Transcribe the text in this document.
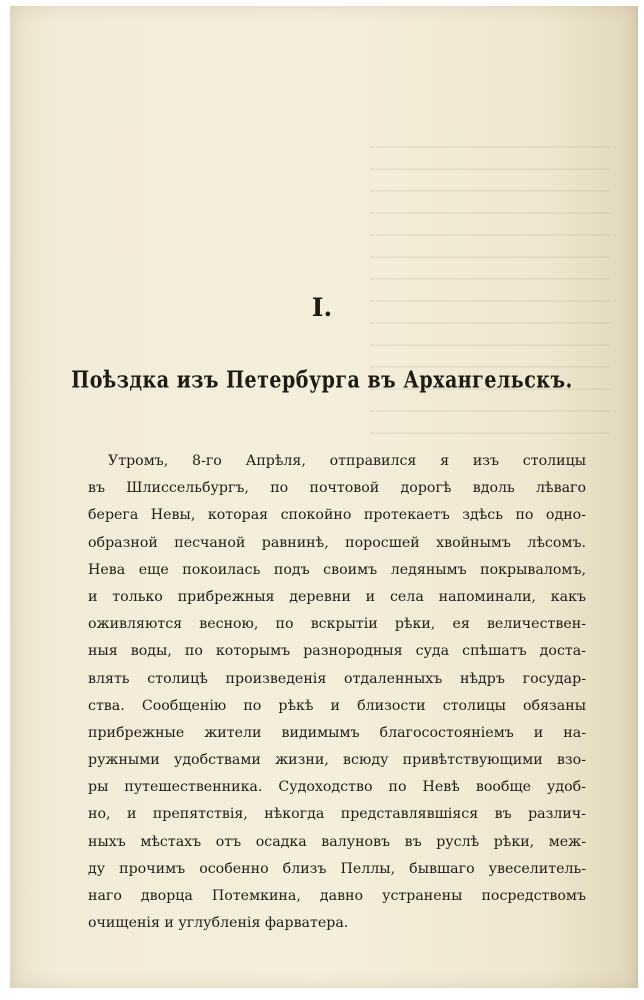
I.
Поѣздка изъ Петербурга въ Архангельскъ.
Утромъ, 8-го Апрѣля, отправился я изъ столицы
въ Шлиссельбургъ, по почтовой дорогѣ вдоль лѣваго
берега Невы, которая спокойно протекаетъ здѣсь по одно-
образной песчаной равнинѣ, поросшей хвойнымъ лѣсомъ.
Нева еще покоилась подъ своимъ ледянымъ покрываломъ,
и только прибрежныя деревни и села напоминали, какъ
оживляются весною, по вскрытіи рѣки, ея величествен-
ныя воды, по которымъ разнородныя суда спѣшатъ доста-
влять столицѣ произведенія отдаленныхъ нѣдръ государ-
ства. Сообщенію по рѣкѣ и близости столицы обязаны
прибрежные жители видимымъ благосостояніемъ и на-
ружными удобствами жизни, всюду привѣтствующими взо-
ры путешественника. Судоходство по Невѣ вообще удоб-
но, и препятствія, нѣкогда представлявшіяся въ различ-
ныхъ мѣстахъ отъ осадка валуновъ въ руслѣ рѣки, меж-
ду прочимъ особенно близъ Пеллы, бывшаго увеселитель-
наго дворца Потемкина, давно устранены посредствомъ
очищенія и углубленія фарватера.
